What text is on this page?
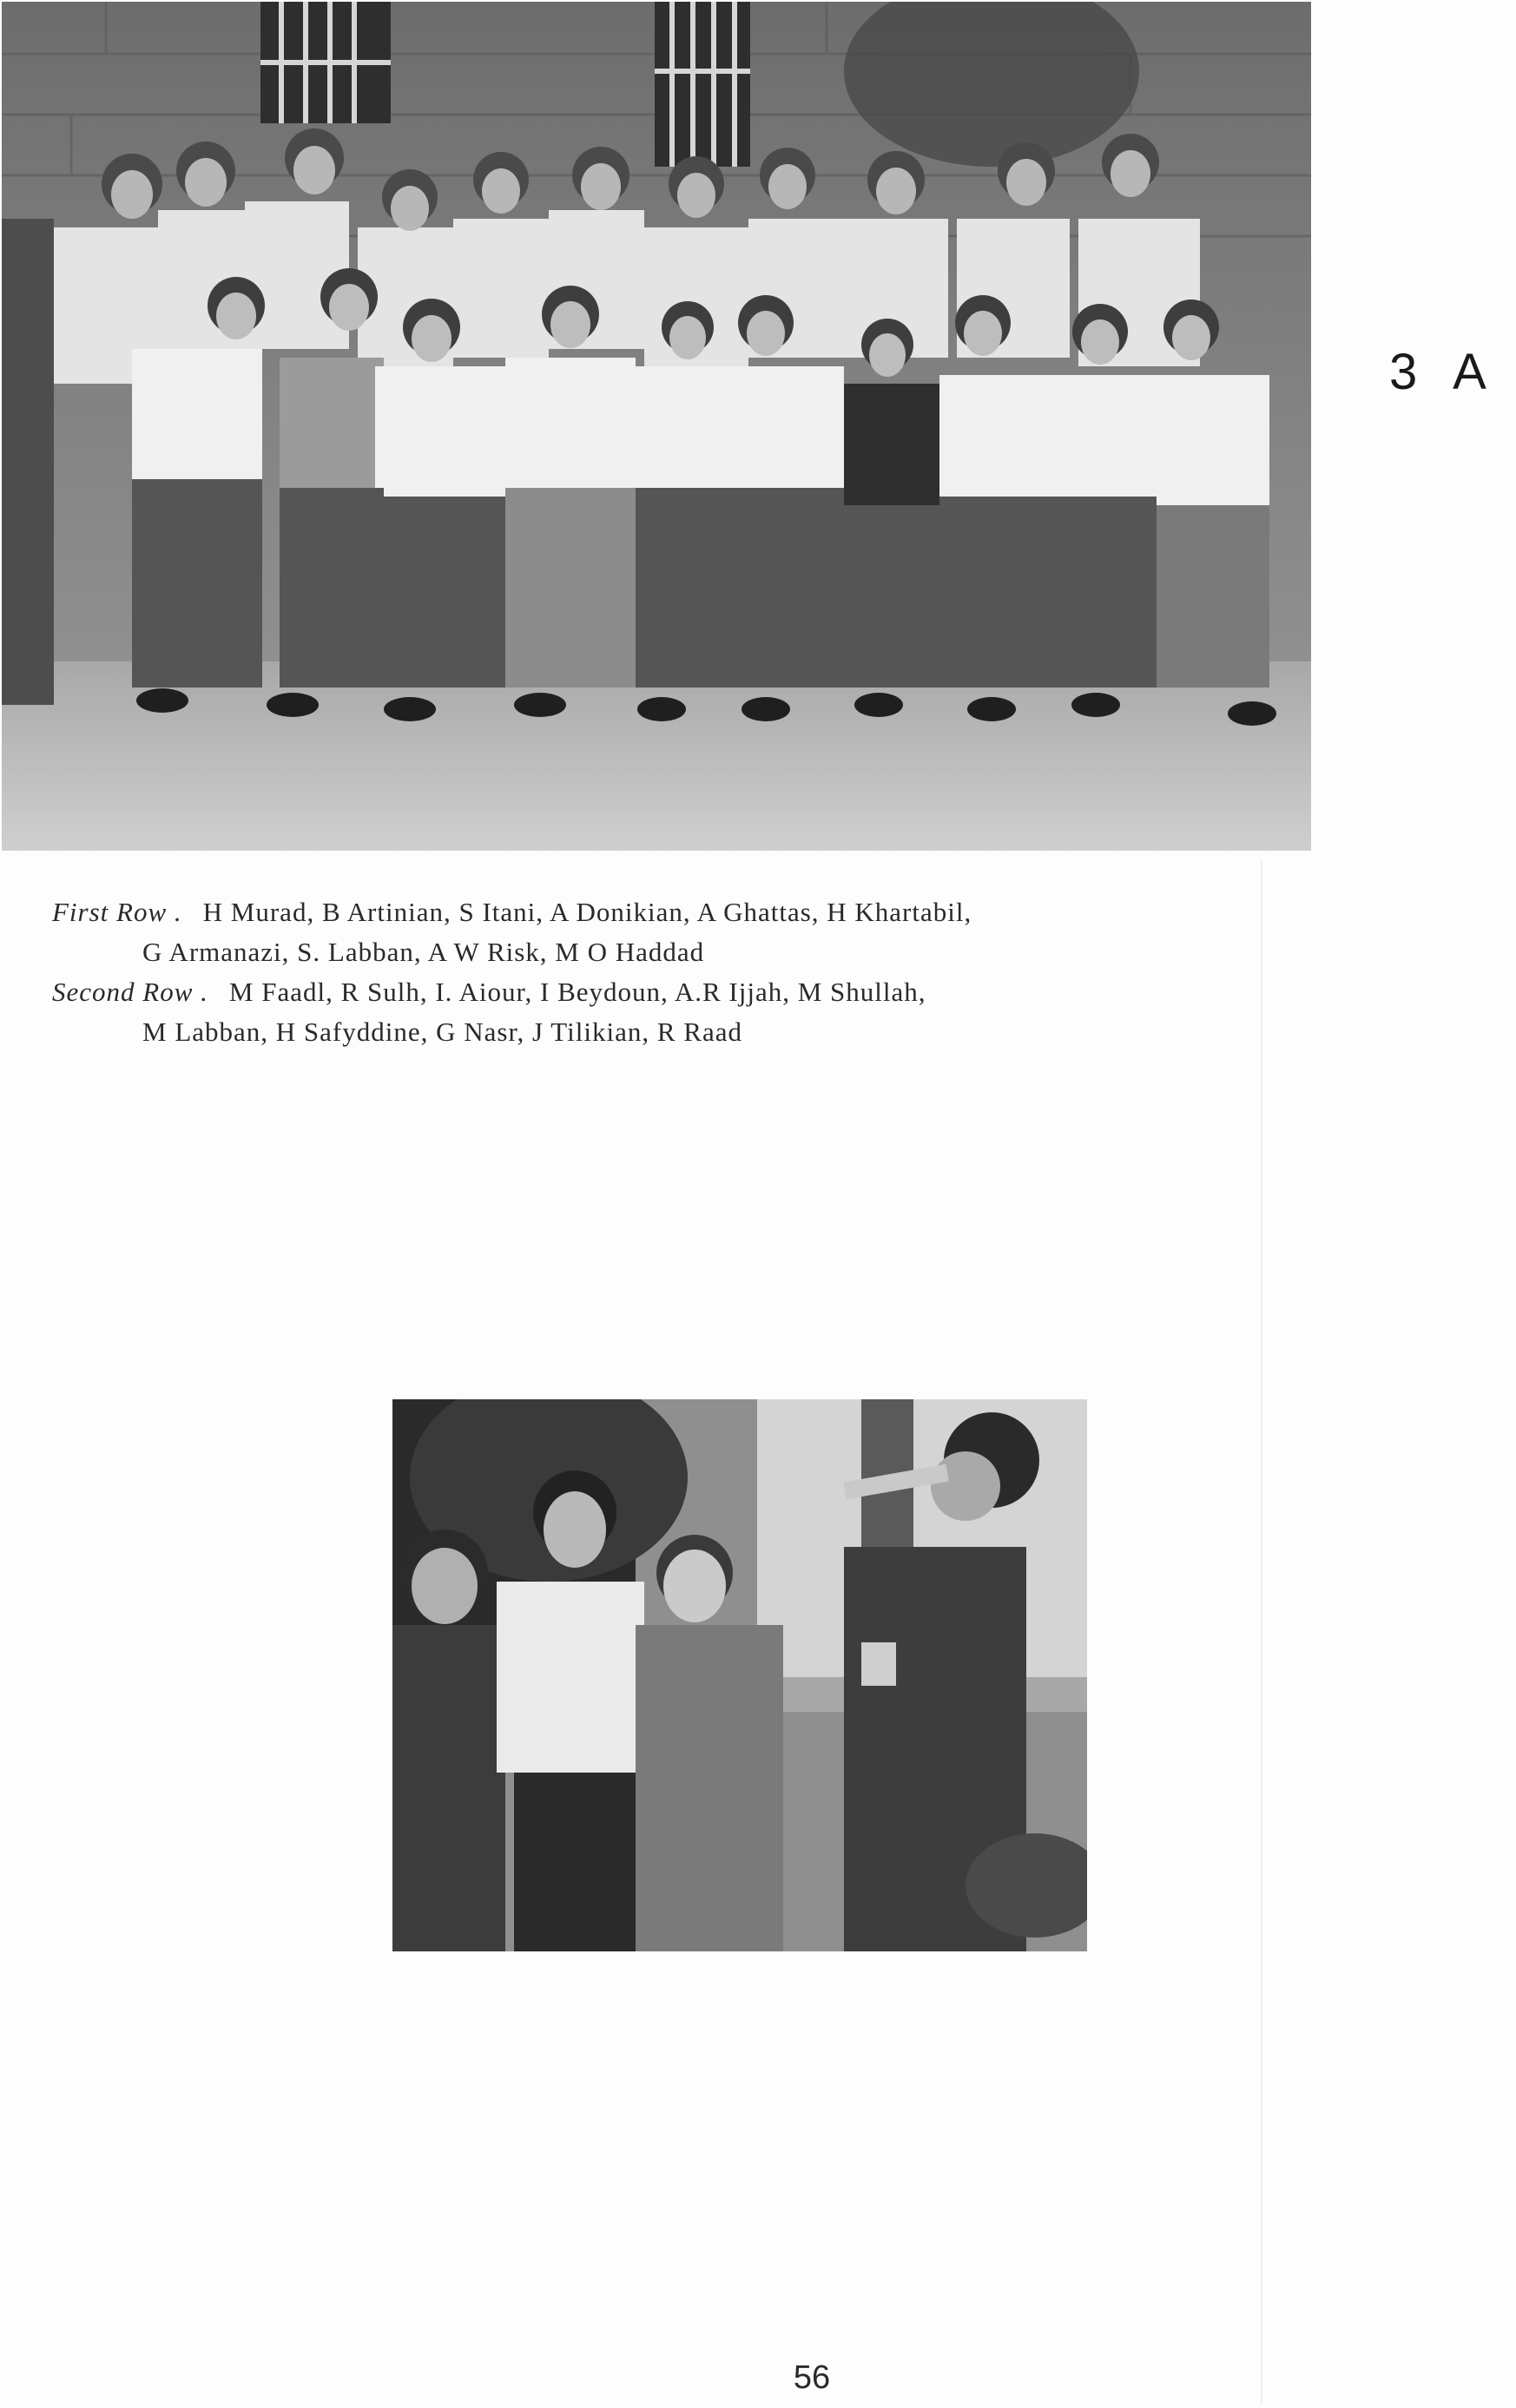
3 A
First Row . H Murad, B Artinian, S Itani, A Donikian, A Ghattas, H Khartabil,
G Armanazi, S. Labban, A W Risk, M O Haddad
Second Row . M Faadl, R Sulh, I. Aiour, I Beydoun, A.R Ijjah, M Shullah,
M Labban, H Safyddine, G Nasr, J Tilikian, R Raad
56
